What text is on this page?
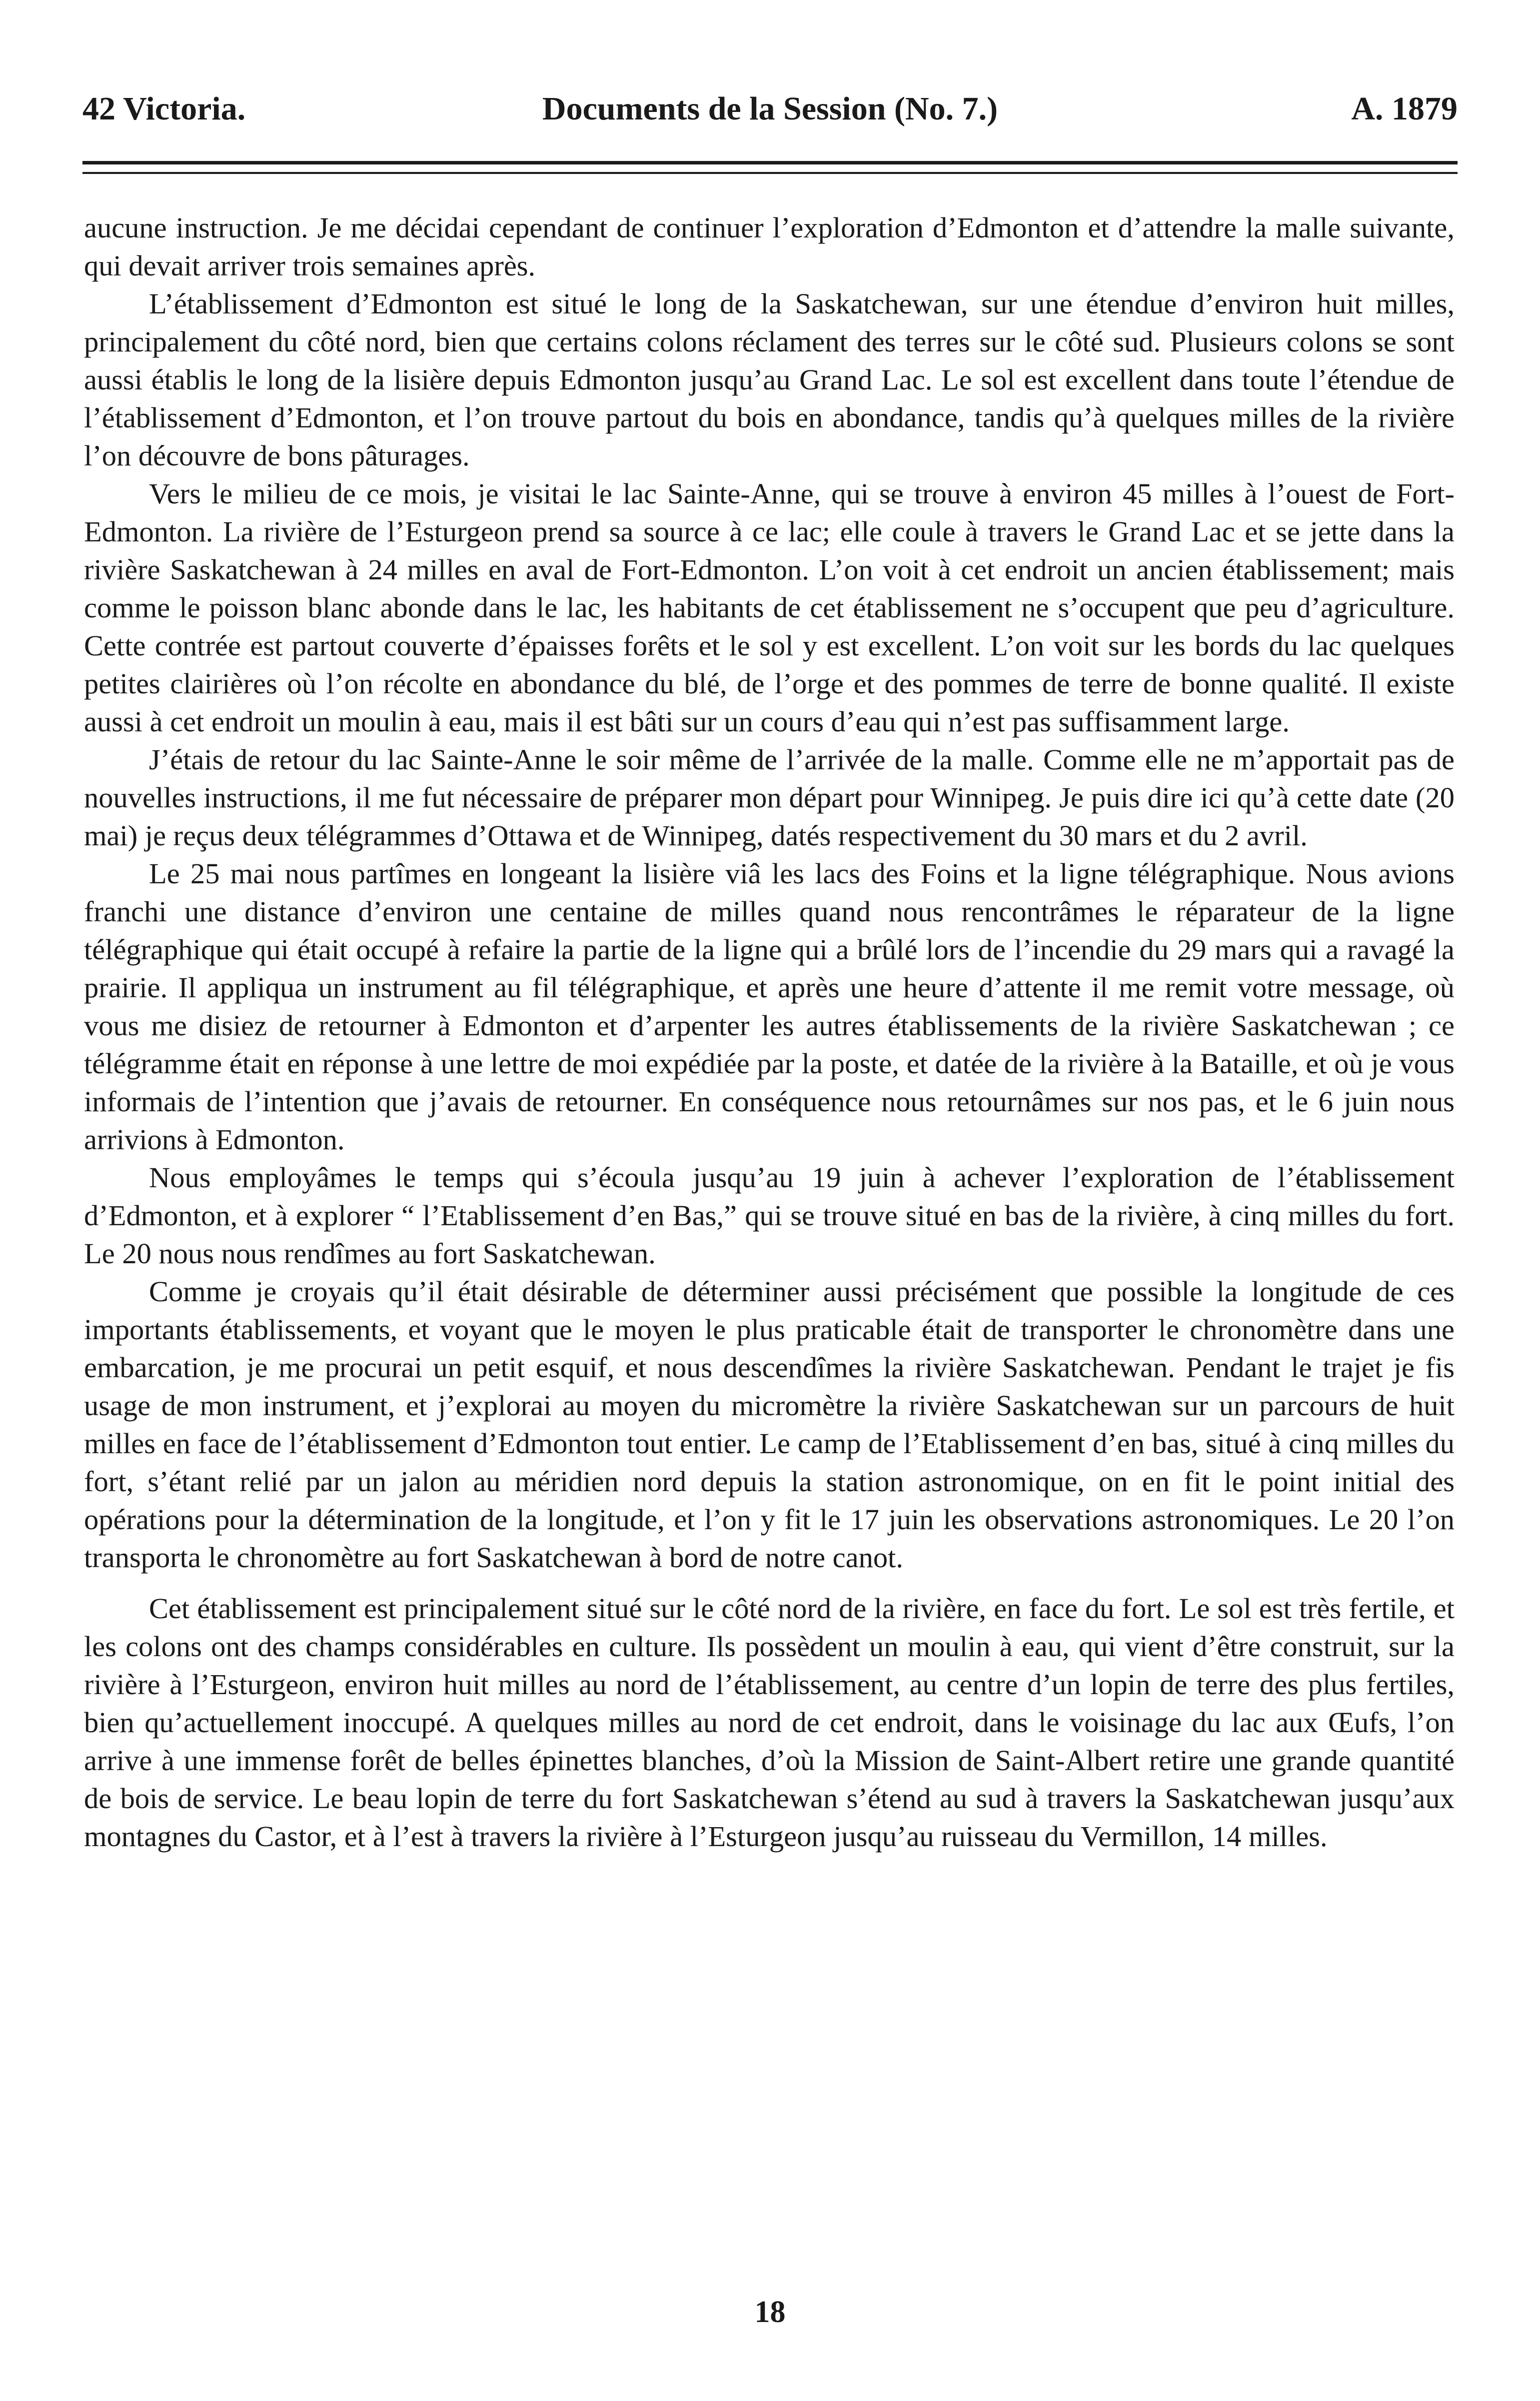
42 Victoria.	Documents de la Session (No. 7.)	A. 1879

aucune instruction. Je me décidai cependant de continuer l’exploration d’Edmonton et d’attendre la malle suivante, qui devait arriver trois semaines après.

L’établissement d’Edmonton est situé le long de la Saskatchewan, sur une étendue d’environ huit milles, principalement du côté nord, bien que certains colons réclament des terres sur le côté sud. Plusieurs colons se sont aussi établis le long de la lisière depuis Edmonton jusqu’au Grand Lac. Le sol est excellent dans toute l’étendue de l’établissement d’Edmonton, et l’on trouve partout du bois en abondance, tandis qu’à quelques milles de la rivière l’on découvre de bons pâturages.

Vers le milieu de ce mois, je visitai le lac Sainte-Anne, qui se trouve à environ 45 milles à l’ouest de Fort-Edmonton. La rivière de l’Esturgeon prend sa source à ce lac; elle coule à travers le Grand Lac et se jette dans la rivière Saskatchewan à 24 milles en aval de Fort-Edmonton. L’on voit à cet endroit un ancien établissement; mais comme le poisson blanc abonde dans le lac, les habitants de cet établissement ne s’occupent que peu d’agriculture. Cette contrée est partout couverte d’épaisses forêts et le sol y est excellent. L’on voit sur les bords du lac quelques petites clairières où l’on récolte en abondance du blé, de l’orge et des pommes de terre de bonne qualité. Il existe aussi à cet endroit un moulin à eau, mais il est bâti sur un cours d’eau qui n’est pas suffisamment large.

J’étais de retour du lac Sainte-Anne le soir même de l’arrivée de la malle. Comme elle ne m’apportait pas de nouvelles instructions, il me fut nécessaire de préparer mon départ pour Winnipeg. Je puis dire ici qu’à cette date (20 mai) je reçus deux télégrammes d’Ottawa et de Winnipeg, datés respectivement du 30 mars et du 2 avril.

Le 25 mai nous partîmes en longeant la lisière viâ les lacs des Foins et la ligne télégraphique. Nous avions franchi une distance d’environ une centaine de milles quand nous rencontrâmes le réparateur de la ligne télégraphique qui était occupé à refaire la partie de la ligne qui a brûlé lors de l’incendie du 29 mars qui a ravagé la prairie. Il appliqua un instrument au fil télégraphique, et après une heure d’attente il me remit votre message, où vous me disiez de retourner à Edmonton et d’arpenter les autres établissements de la rivière Saskatchewan ; ce télégramme était en réponse à une lettre de moi expédiée par la poste, et datée de la rivière à la Bataille, et où je vous informais de l’intention que j’avais de retourner. En conséquence nous retournâmes sur nos pas, et le 6 juin nous arrivions à Edmonton.

Nous employâmes le temps qui s’écoula jusqu’au 19 juin à achever l’exploration de l’établissement d’Edmonton, et à explorer “ l’Etablissement d’en Bas,” qui se trouve situé en bas de la rivière, à cinq milles du fort. Le 20 nous nous rendîmes au fort Saskatchewan.

Comme je croyais qu’il était désirable de déterminer aussi précisément que possible la longitude de ces importants établissements, et voyant que le moyen le plus praticable était de transporter le chronomètre dans une embarcation, je me procurai un petit esquif, et nous descendîmes la rivière Saskatchewan. Pendant le trajet je fis usage de mon instrument, et j’explorai au moyen du micromètre la rivière Saskatchewan sur un parcours de huit milles en face de l’établissement d’Edmonton tout entier. Le camp de l’Etablissement d’en bas, situé à cinq milles du fort, s’étant relié par un jalon au méridien nord depuis la station astronomique, on en fit le point initial des opérations pour la détermination de la longitude, et l’on y fit le 17 juin les observations astronomiques. Le 20 l’on transporta le chronomètre au fort Saskatchewan à bord de notre canot.

Cet établissement est principalement situé sur le côté nord de la rivière, en face du fort. Le sol est très fertile, et les colons ont des champs considérables en culture. Ils possèdent un moulin à eau, qui vient d’être construit, sur la rivière à l’Esturgeon, environ huit milles au nord de l’établissement, au centre d’un lopin de terre des plus fertiles, bien qu’actuellement inoccupé. A quelques milles au nord de cet endroit, dans le voisinage du lac aux Œufs, l’on arrive à une immense forêt de belles épinettes blanches, d’où la Mission de Saint-Albert retire une grande quantité de bois de service. Le beau lopin de terre du fort Saskatchewan s’étend au sud à travers la Saskatchewan jusqu’aux montagnes du Castor, et à l’est à travers la rivière à l’Esturgeon jusqu’au ruisseau du Vermillon, 14 milles.

18
